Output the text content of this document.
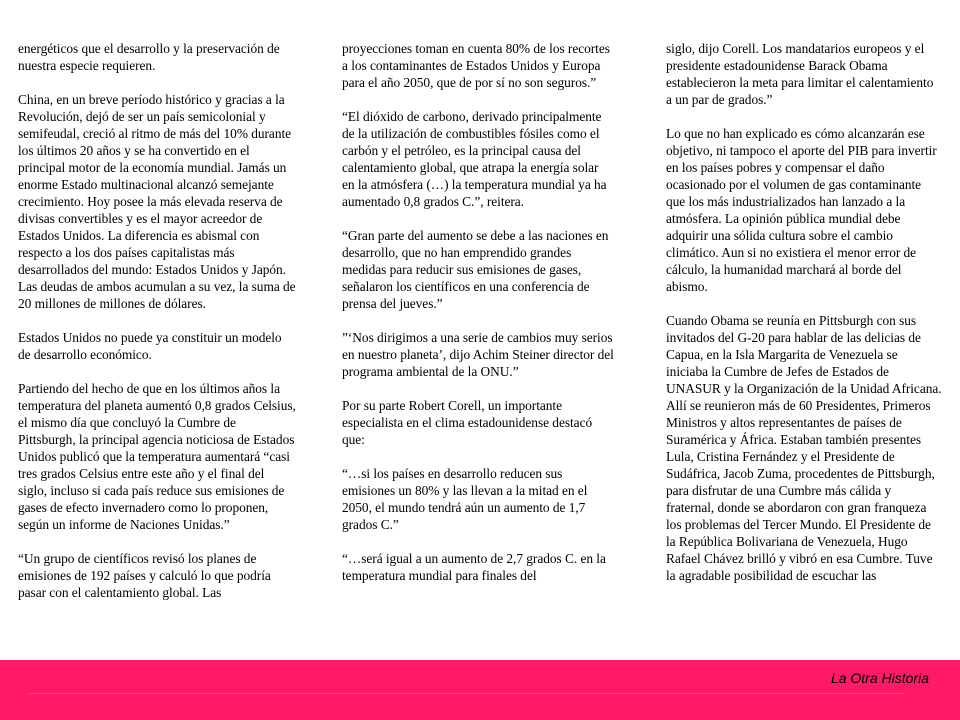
energéticos que el desarrollo y la preservación de nuestra especie requieren.

China, en un breve período histórico y gracias a la Revolución, dejó de ser un país semicolonial y semifeudal, creció al ritmo de más del 10% durante los últimos 20 años y se ha convertido en el principal motor de la economía mundial. Jamás un enorme Estado multinacional alcanzó semejante crecimiento. Hoy posee la más elevada reserva de divisas convertibles y es el mayor acreedor de Estados Unidos. La diferencia es abismal con respecto a los dos países capitalistas más desarrollados del mundo: Estados Unidos y Japón. Las deudas de ambos acumulan a su vez, la suma de 20 millones de millones de dólares.

Estados Unidos no puede ya constituir un modelo de desarrollo económico.

Partiendo del hecho de que en los últimos años la temperatura del planeta aumentó 0,8 grados Celsius, el mismo día que concluyó la Cumbre de Pittsburgh, la principal agencia noticiosa de Estados Unidos publicó que la temperatura aumentará “casi tres grados Celsius entre este año y el final del siglo, incluso si cada país reduce sus emisiones de gases de efecto invernadero como lo proponen, según un informe de Naciones Unidas.”

“Un grupo de científicos revisó los planes de emisiones de 192 países y calculó lo que podría pasar con el calentamiento global. Las

proyecciones toman en cuenta 80% de los recortes a los contaminantes de Estados Unidos y Europa para el año 2050, que de por sí no son seguros.”

“El dióxido de carbono, derivado principalmente de la utilización de combustibles fósiles como el carbón y el petróleo, es la principal causa del calentamiento global, que atrapa la energía solar en la atmósfera (…) la temperatura mundial ya ha aumentado 0,8 grados C.”, reitera.

“Gran parte del aumento se debe a las naciones en desarrollo, que no han emprendido grandes medidas para reducir sus emisiones de gases, señalaron los científicos en una conferencia de prensa del jueves.”

”‘Nos dirigimos a una serie de cambios muy serios en nuestro planeta’, dijo Achim Steiner director del programa ambiental de la ONU.”

Por su parte Robert Corell, un importante especialista en el clima estadounidense destacó que:

“…si los países en desarrollo reducen sus emisiones un 80% y las llevan a la mitad en el 2050, el mundo tendrá aún un aumento de 1,7 grados C.”

“…será igual a un aumento de 2,7 grados C. en la temperatura mundial para finales del

siglo, dijo Corell. Los mandatarios europeos y el presidente estadounidense Barack Obama establecieron la meta para limitar el calentamiento a un par de grados.”

Lo que no han explicado es cómo alcanzarán ese objetivo, ni tampoco el aporte del PIB para invertir en los países pobres y compensar el daño ocasionado por el volumen de gas contaminante que los más industrializados han lanzado a la atmósfera. La opinión pública mundial debe adquirir una sólida cultura sobre el cambio climático. Aun si no existiera el menor error de cálculo, la humanidad marchará al borde del abismo.

Cuando Obama se reunía en Pittsburgh con sus invitados del G-20 para hablar de las delicias de Capua, en la Isla Margarita de Venezuela se iniciaba la Cumbre de Jefes de Estados de UNASUR y la Organización de la Unidad Africana. Allí se reunieron más de 60 Presidentes, Primeros Ministros y altos representantes de países de Suramérica y África. Estaban también presentes Lula, Cristina Fernández y el Presidente de Sudáfrica, Jacob Zuma, procedentes de Pittsburgh, para disfrutar de una Cumbre más cálida y fraternal, donde se abordaron con gran franqueza los problemas del Tercer Mundo. El Presidente de la República Bolivariana de Venezuela, Hugo Rafael Chávez brilló y vibró en esa Cumbre. Tuve la agradable posibilidad de escuchar las

La Otra Historia
